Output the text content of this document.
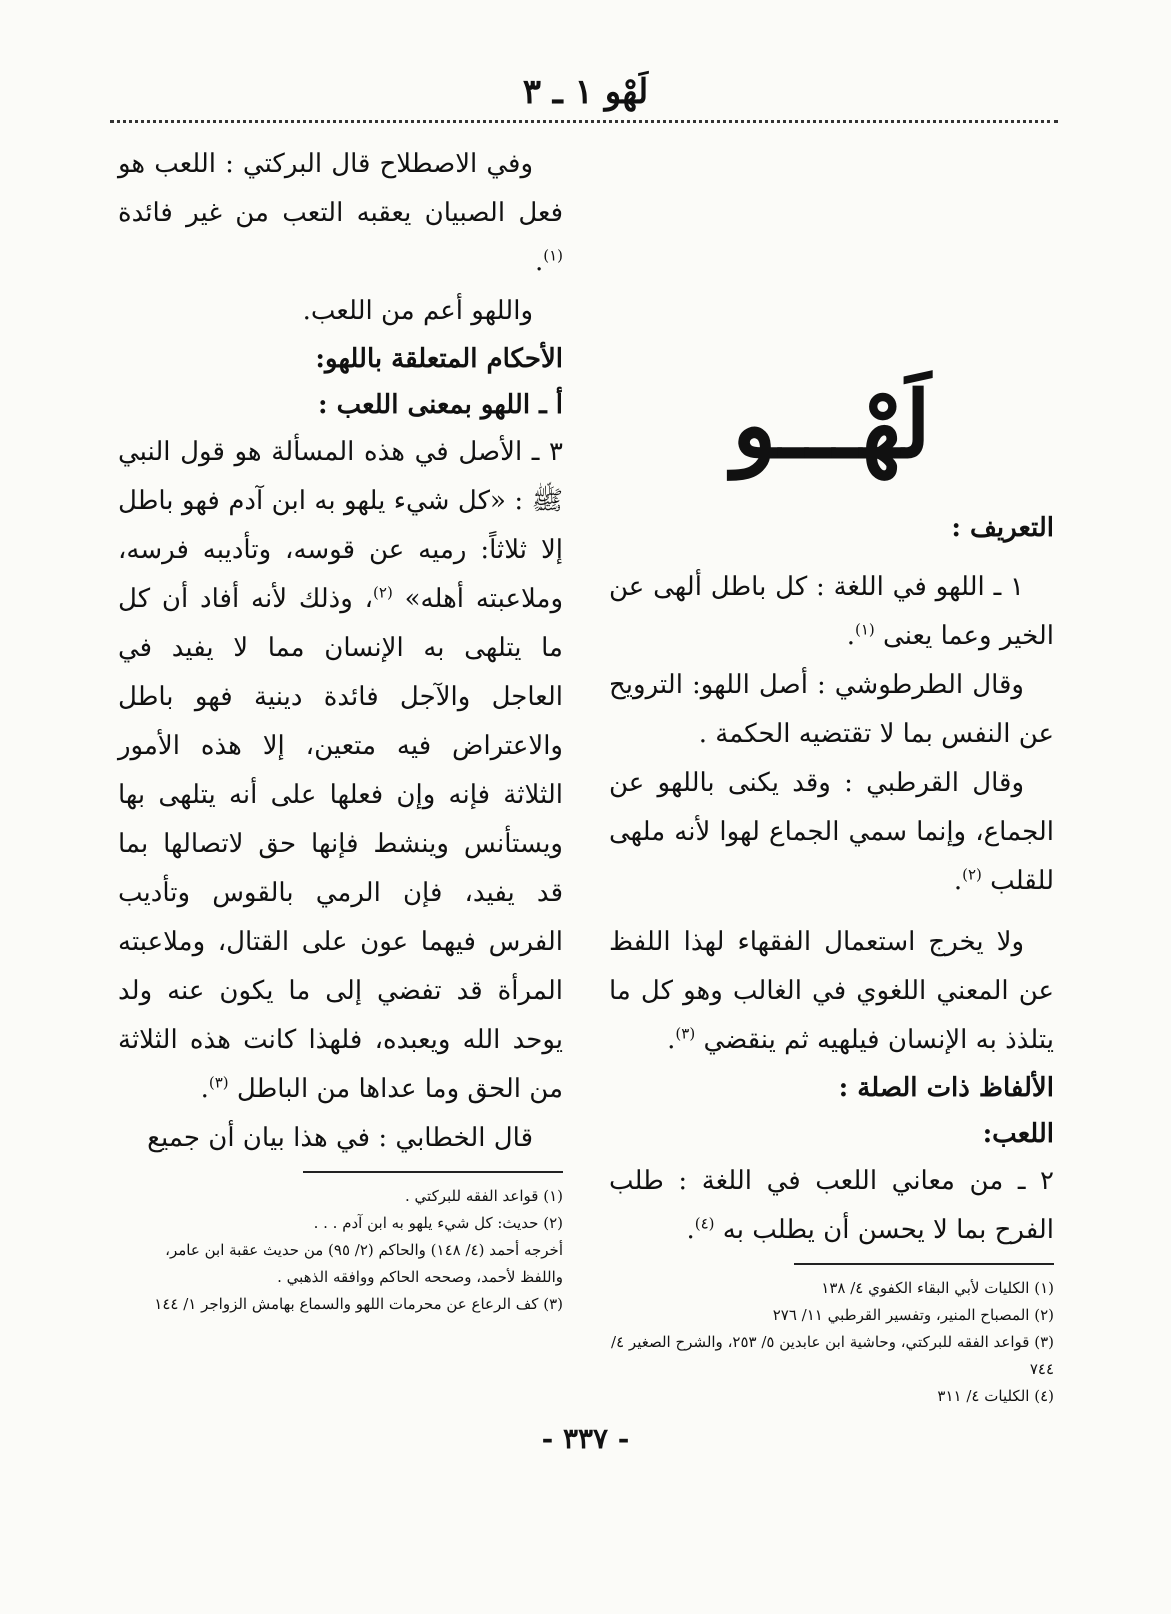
لَهْو ١ ـ ٣
لَهْـــو

التعريف :

١ ـ اللهو في اللغة : كل باطل ألهى عن الخير وعما يعنى $^{(١)}$.

وقال الطرطوشي : أصل اللهو: الترويح عن النفس بما لا تقتضيه الحكمة .

وقال القرطبي : وقد يكنى باللهو عن الجماع، وإنما سمي الجماع لهوا لأنه ملهى للقلب $^{(٢)}$.

ولا يخرج استعمال الفقهاء لهذا اللفظ عن المعني اللغوي في الغالب وهو كل ما يتلذذ به الإنسان فيلهيه ثم ينقضي $^{(٣)}$.

الألفاظ ذات الصلة :

اللعب:

٢ ـ من معاني اللعب في اللغة : طلب الفرح بما لا يحسن أن يطلب به $^{(٤)}$.

(١) الكليات لأبي البقاء الكفوي ٤/ ١٣٨
(٢) المصباح المنير، وتفسير القرطبي ١١/ ٢٧٦
(٣) قواعد الفقه للبركتي، وحاشية ابن عابدين ٥/ ٢٥٣، والشرح الصغير ٤/ ٧٤٤
(٤) الكليات ٤/ ٣١١

وفي الاصطلاح قال البركتي : اللعب هو فعل الصبيان يعقبه التعب من غير فائدة $^{(١)}$.

واللهو أعم من اللعب.

الأحكام المتعلقة باللهو:

أ ـ اللهو بمعنى اللعب :

٣ ـ الأصل في هذه المسألة هو قول النبي ﷺ : «كل شيء يلهو به ابن آدم فهو باطل إلا ثلاثاً: رميه عن قوسه، وتأديبه فرسه، وملاعبته أهله» $^{(٢)}$، وذلك لأنه أفاد أن كل ما يتلهى به الإنسان مما لا يفيد في العاجل والآجل فائدة دينية فهو باطل والاعتراض فيه متعين، إلا هذه الأمور الثلاثة فإنه وإن فعلها على أنه يتلهى بها ويستأنس وينشط فإنها حق لاتصالها بما قد يفيد، فإن الرمي بالقوس وتأديب الفرس فيهما عون على القتال، وملاعبته المرأة قد تفضي إلى ما يكون عنه ولد يوحد الله ويعبده، فلهذا كانت هذه الثلاثة من الحق وما عداها من الباطل $^{(٣)}$.

قال الخطابي : في هذا بيان أن جميع

(١) قواعد الفقه للبركتي .
(٢) حديث: كل شيء يلهو به ابن آدم . . .
أخرجه أحمد (٤/ ١٤٨) والحاكم (٢/ ٩٥) من حديث عقبة ابن عامر، واللفظ لأحمد، وصححه الحاكم ووافقه الذهبي .
(٣) كف الرعاع عن محرمات اللهو والسماع بهامش الزواجر ١/ ١٤٤
- ٣٣٧ -
